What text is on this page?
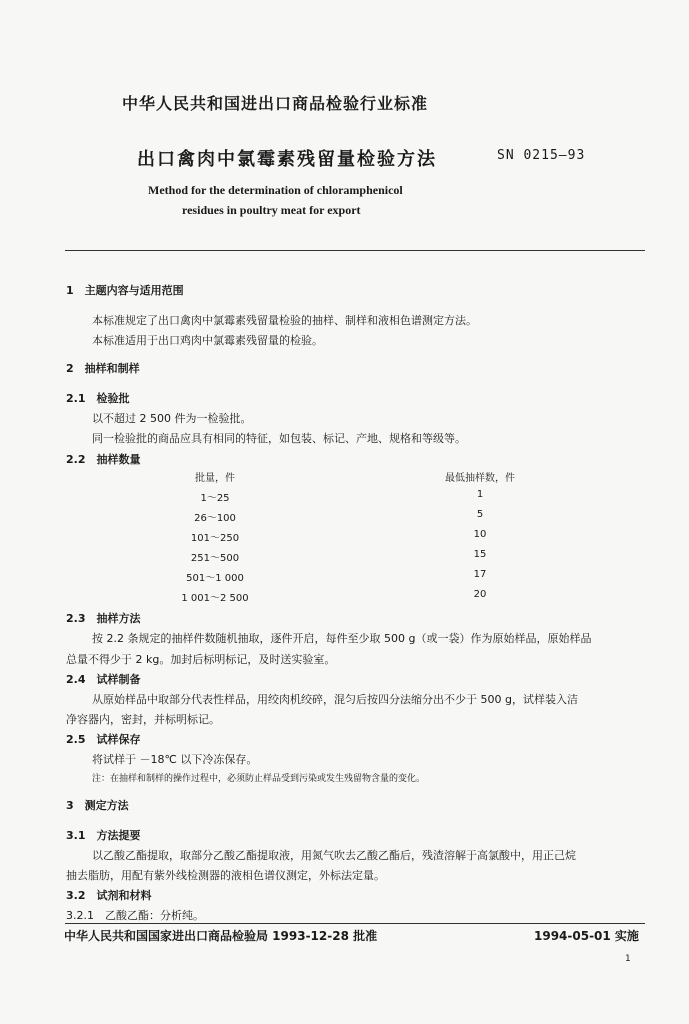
中华人民共和国进出口商品检验行业标准
出口禽肉中氯霉素残留量检验方法	SN 0215—93
Method for the determination of chloramphenicol
residues in poultry meat for export
1　主题内容与适用范围
本标准规定了出口禽肉中氯霉素残留量检验的抽样、制样和液相色谱测定方法。
本标准适用于出口鸡肉中氯霉素残留量的检验。
2　抽样和制样
2.1　检验批
以不超过 2 500 件为一检验批。
同一检验批的商品应具有相同的特征，如包装、标记、产地、规格和等级等。
2.2　抽样数量
批量，件	最低抽样数，件
1～25	1
26～100	5
101～250	10
251～500	15
501～1 000	17
1 001～2 500	20
2.3　抽样方法
按 2.2 条规定的抽样件数随机抽取，逐件开启，每件至少取 500 g（或一袋）作为原始样品，原始样品
总量不得少于 2 kg。加封后标明标记，及时送实验室。
2.4　试样制备
从原始样品中取部分代表性样品，用绞肉机绞碎，混匀后按四分法缩分出不少于 500 g，试样装入洁
净容器内，密封，并标明标记。
2.5　试样保存
将试样于 －18℃ 以下冷冻保存。
注：在抽样和制样的操作过程中，必须防止样品受到污染或发生残留物含量的变化。
3　测定方法
3.1　方法提要
以乙酸乙酯提取，取部分乙酸乙酯提取液，用氮气吹去乙酸乙酯后，残渣溶解于高氯酸中，用正己烷
抽去脂肪，用配有紫外线检测器的液相色谱仪测定，外标法定量。
3.2　试剂和材料
3.2.1　乙酸乙酯：分析纯。
中华人民共和国国家进出口商品检验局 1993-12-28 批准	1994-05-01 实施
1
